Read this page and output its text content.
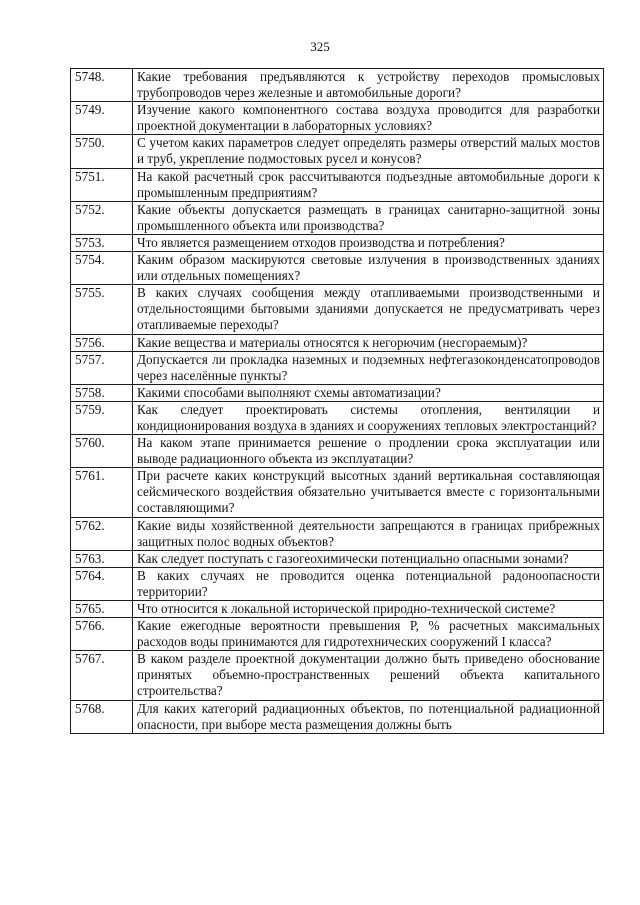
325
5748.	Какие требования предъявляются к устройству переходов промысловых трубопроводов через железные и автомобильные дороги?
5749.	Изучение какого компонентного состава воздуха проводится для разработки проектной документации в лабораторных условиях?
5750.	С учетом каких параметров следует определять размеры отверстий малых мостов и труб, укрепление подмостовых русел и конусов?
5751.	На какой расчетный срок рассчитываются подъездные автомобильные дороги к промышленным предприятиям?
5752.	Какие объекты допускается размещать в границах санитарно-защитной зоны промышленного объекта или производства?
5753.	Что является размещением отходов производства и потребления?
5754.	Каким образом маскируются световые излучения в производственных зданиях или отдельных помещениях?
5755.	В каких случаях сообщения между отапливаемыми производственными и отдельностоящими бытовыми зданиями допускается не предусматривать через отапливаемые переходы?
5756.	Какие вещества и материалы относятся к негорючим (несгораемым)?
5757.	Допускается ли прокладка наземных и подземных нефтегазоконденсатопроводов через населённые пункты?
5758.	Какими способами выполняют схемы автоматизации?
5759.	Как следует проектировать системы отопления, вентиляции и кондиционирования воздуха в зданиях и сооружениях тепловых электростанций?
5760.	На каком этапе принимается решение о продлении срока эксплуатации или выводе радиационного объекта из эксплуатации?
5761.	При расчете каких конструкций высотных зданий вертикальная составляющая сейсмического воздействия обязательно учитывается вместе с горизонтальными составляющими?
5762.	Какие виды хозяйственной деятельности запрещаются в границах прибрежных защитных полос водных объектов?
5763.	Как следует поступать с газогеохимически потенциально опасными зонами?
5764.	В каких случаях не проводится оценка потенциальной радоноопасности территории?
5765.	Что относится к локальной исторической природно-технической системе?
5766.	Какие ежегодные вероятности превышения Р, % расчетных максимальных расходов воды принимаются для гидротехнических сооружений I класса?
5767.	В каком разделе проектной документации должно быть приведено обоснование принятых объемно-пространственных решений объекта капитального строительства?
5768.	Для каких категорий радиационных объектов, по потенциальной радиационной опасности, при выборе места размещения должны быть
